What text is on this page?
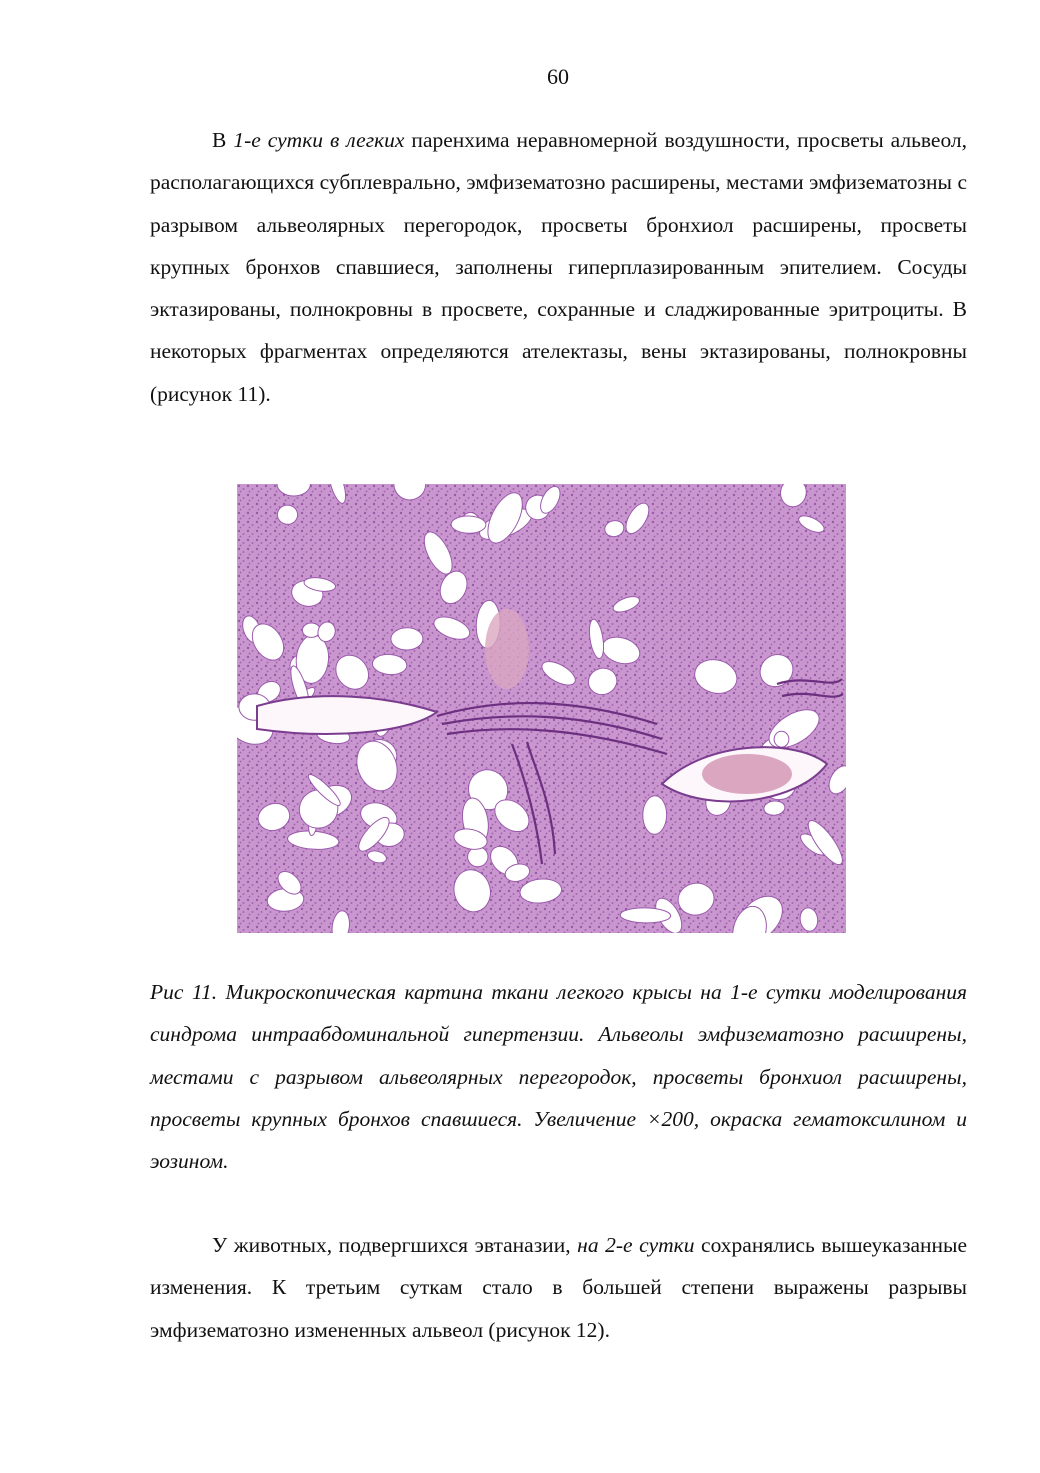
60

В 1-е сутки в легких паренхима неравномерной воздушности, просветы альвеол, располагающихся субплеврально, эмфизематозно расширены, местами эмфизематозны с разрывом альвеолярных перегородок, просветы бронхиол расширены, просветы крупных бронхов спавшиеся, заполнены гиперплазированным эпителием. Сосуды эктазированы, полнокровны в просвете, сохранные и сладжированные эритроциты. В некоторых фрагментах определяются ателектазы, вены эктазированы, полнокровны (рисунок 11).

Рис 11. Микроскопическая картина ткани легкого крысы на 1-е сутки моделирования синдрома интраабдоминальной гипертензии. Альвеолы эмфизематозно расширены, местами с разрывом альвеолярных перегородок, просветы бронхиол расширены, просветы крупных бронхов спавшиеся. Увеличение ×200, окраска гематоксилином и эозином.

У животных, подвергшихся эвтаназии, на 2-е сутки сохранялись вышеуказанные изменения. К третьим суткам стало в большей степени выражены разрывы эмфизематозно измененных альвеол (рисунок 12).
